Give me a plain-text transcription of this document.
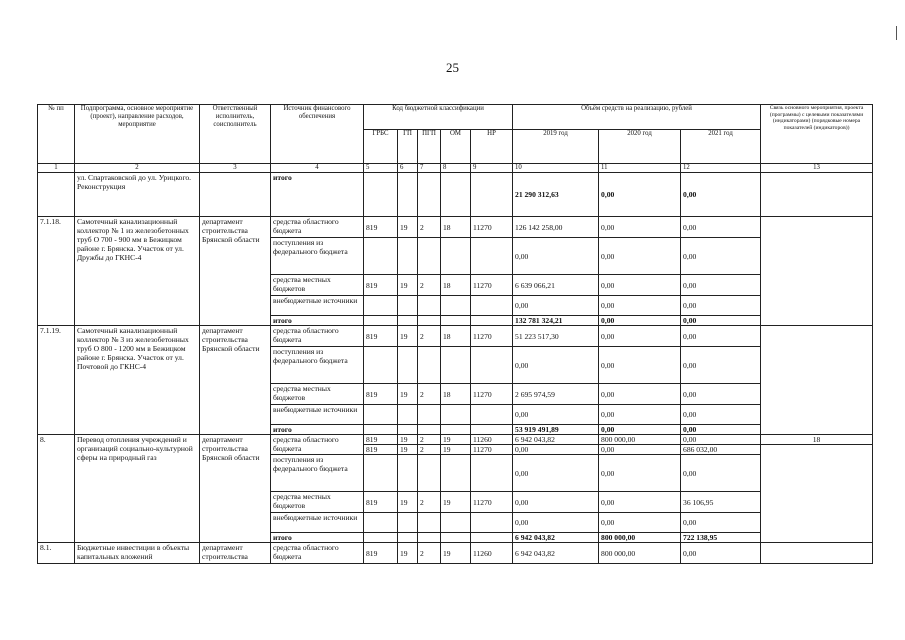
25
№ пп	Подпрограмма, основное мероприятие (проект), направление расходов, мероприятие	Ответственный исполнитель, соисполнитель	Источник финансового обеспечения	Код бюджетной классификации					Объём средств на реализацию, рублей			Связь основного мероприятия, проекта (программы) с целевыми показателями (индикаторами) (порядковые номера показателей (индикаторов))
				ГРБС	ГП	ПГП	ОМ	НР	2019 год	2020 год	2021 год	
1	2	3	4	5	6	7	8	9	10	11	12	13
	ул. Спартаковской до ул. Урицкого. Реконструкция		итого						21 290 312,63	0,00	0,00	
7.1.18.	Самотечный канализационный коллектор № 1 из железобетонных труб О 700 - 900 мм в Бежицком районе г. Брянска. Участок от ул. Дружбы до ГКНС-4	департамент строительства Брянской области	средства областного бюджета	819	19	2	18	11270	126 142 258,00	0,00	0,00	
			поступления из федерального бюджета						0,00	0,00	0,00	
			средства местных бюджетов	819	19	2	18	11270	6 639 066,21	0,00	0,00	
			внебюджетные источники						0,00	0,00	0,00	
			итого						132 781 324,21	0,00	0,00	
7.1.19.	Самотечный канализационный коллектор № 3 из железобетонных труб О 800 - 1200 мм в Бежицком районе г. Брянска. Участок от ул. Почтовой до ГКНС-4	департамент строительства Брянской области	средства областного бюджета	819	19	2	18	11270	51 223 517,30	0,00	0,00	
			поступления из федерального бюджета						0,00	0,00	0,00	
			средства местных бюджетов	819	19	2	18	11270	2 695 974,59	0,00	0,00	
			внебюджетные источники						0,00	0,00	0,00	
			итого						53 919 491,89	0,00	0,00	
8.	Перевод отопления учреждений и организаций социально-культурной сферы на природный газ	департамент строительства Брянской области	средства областного бюджета	819	19	2	19	11260	6 942 043,82	800 000,00	0,00	18
				819	19	2	19	11270	0,00	0,00	686 032,00	
			поступления из федерального бюджета						0,00	0,00	0,00	
			средства местных бюджетов	819	19	2	19	11270	0,00	0,00	36 106,95	
			внебюджетные источники						0,00	0,00	0,00	
			итого						6 942 043,82	800 000,00	722 138,95	
8.1.	Бюджетные инвестиции в объекты капитальных вложений	департамент строительства	средства областного бюджета	819	19	2	19	11260	6 942 043,82	800 000,00	0,00	
